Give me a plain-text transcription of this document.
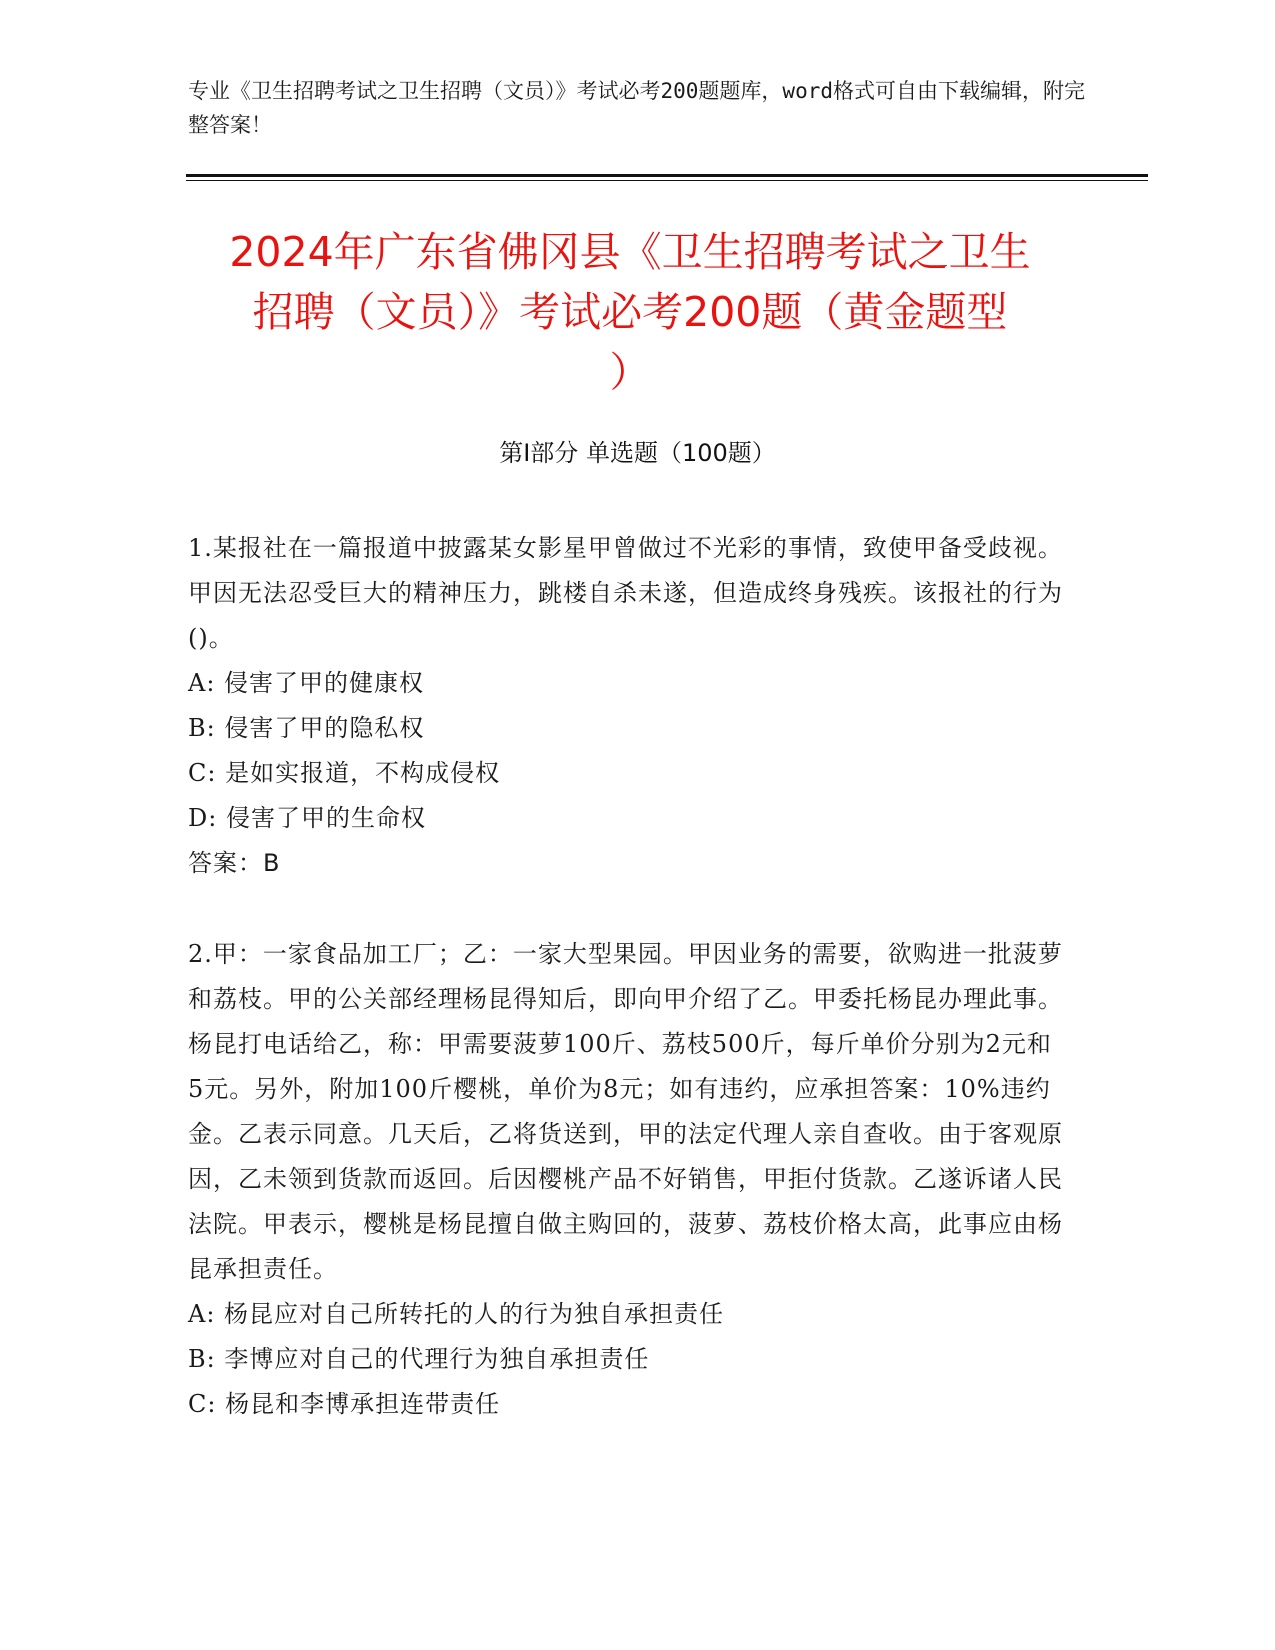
专业《卫生招聘考试之卫生招聘（文员）》考试必考200题题库，word格式可自由下载编辑，附完整答案！
2024年广东省佛冈县《卫生招聘考试之卫生
招聘（文员）》考试必考200题（黄金题型
）
第I部分 单选题（100题）

1.某报社在一篇报道中披露某女影星甲曾做过不光彩的事情，致使甲备受歧视。甲因无法忍受巨大的精神压力，跳楼自杀未遂，但造成终身残疾。该报社的行为()。

A: 侵害了甲的健康权

B: 侵害了甲的隐私权

C: 是如实报道，不构成侵权

D: 侵害了甲的生命权

答案：B

2.甲：一家食品加工厂；乙：一家大型果园。甲因业务的需要，欲购进一批菠萝和荔枝。甲的公关部经理杨昆得知后，即向甲介绍了乙。甲委托杨昆办理此事。杨昆打电话给乙，称：甲需要菠萝100斤、荔枝500斤，每斤单价分别为2元和5元。另外，附加100斤樱桃，单价为8元；如有违约，应承担答案：10%违约金。乙表示同意。几天后，乙将货送到，甲的法定代理人亲自查收。由于客观原因，乙未领到货款而返回。后因樱桃产品不好销售，甲拒付货款。乙遂诉诸人民法院。甲表示，樱桃是杨昆擅自做主购回的，菠萝、荔枝价格太高，此事应由杨昆承担责任。

A: 杨昆应对自己所转托的人的行为独自承担责任

B: 李博应对自己的代理行为独自承担责任

C: 杨昆和李博承担连带责任
